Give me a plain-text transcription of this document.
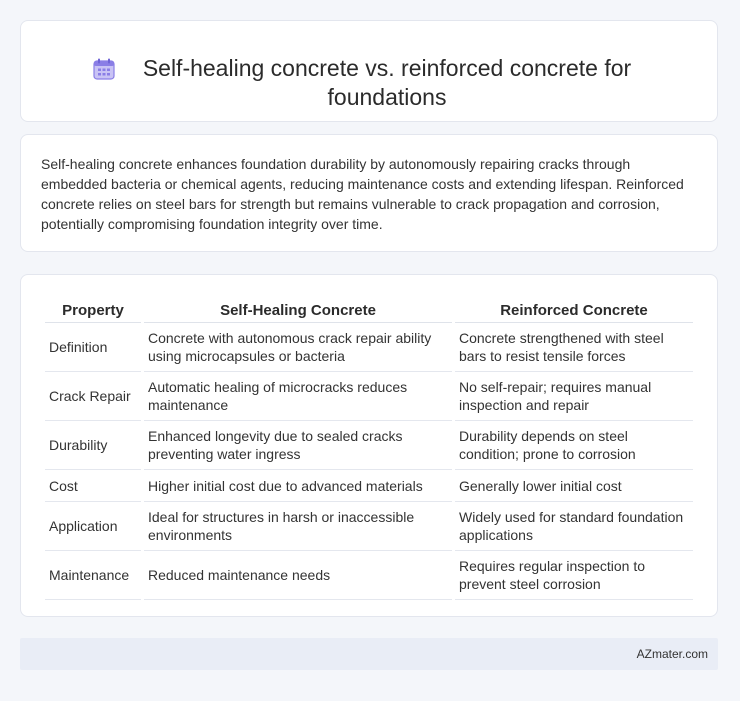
Self-healing concrete vs. reinforced concrete for foundations

Self-healing concrete enhances foundation durability by autonomously repairing cracks through embedded bacteria or chemical agents, reducing maintenance costs and extending lifespan. Reinforced concrete relies on steel bars for strength but remains vulnerable to crack propagation and corrosion, potentially compromising foundation integrity over time.

Property	Self-Healing Concrete	Reinforced Concrete
Definition	Concrete with autonomous crack repair ability using microcapsules or bacteria	Concrete strengthened with steel bars to resist tensile forces
Crack Repair	Automatic healing of microcracks reduces maintenance	No self-repair; requires manual inspection and repair
Durability	Enhanced longevity due to sealed cracks preventing water ingress	Durability depends on steel condition; prone to corrosion
Cost	Higher initial cost due to advanced materials	Generally lower initial cost
Application	Ideal for structures in harsh or inaccessible environments	Widely used for standard foundation applications
Maintenance	Reduced maintenance needs	Requires regular inspection to prevent steel corrosion
AZmater.com
